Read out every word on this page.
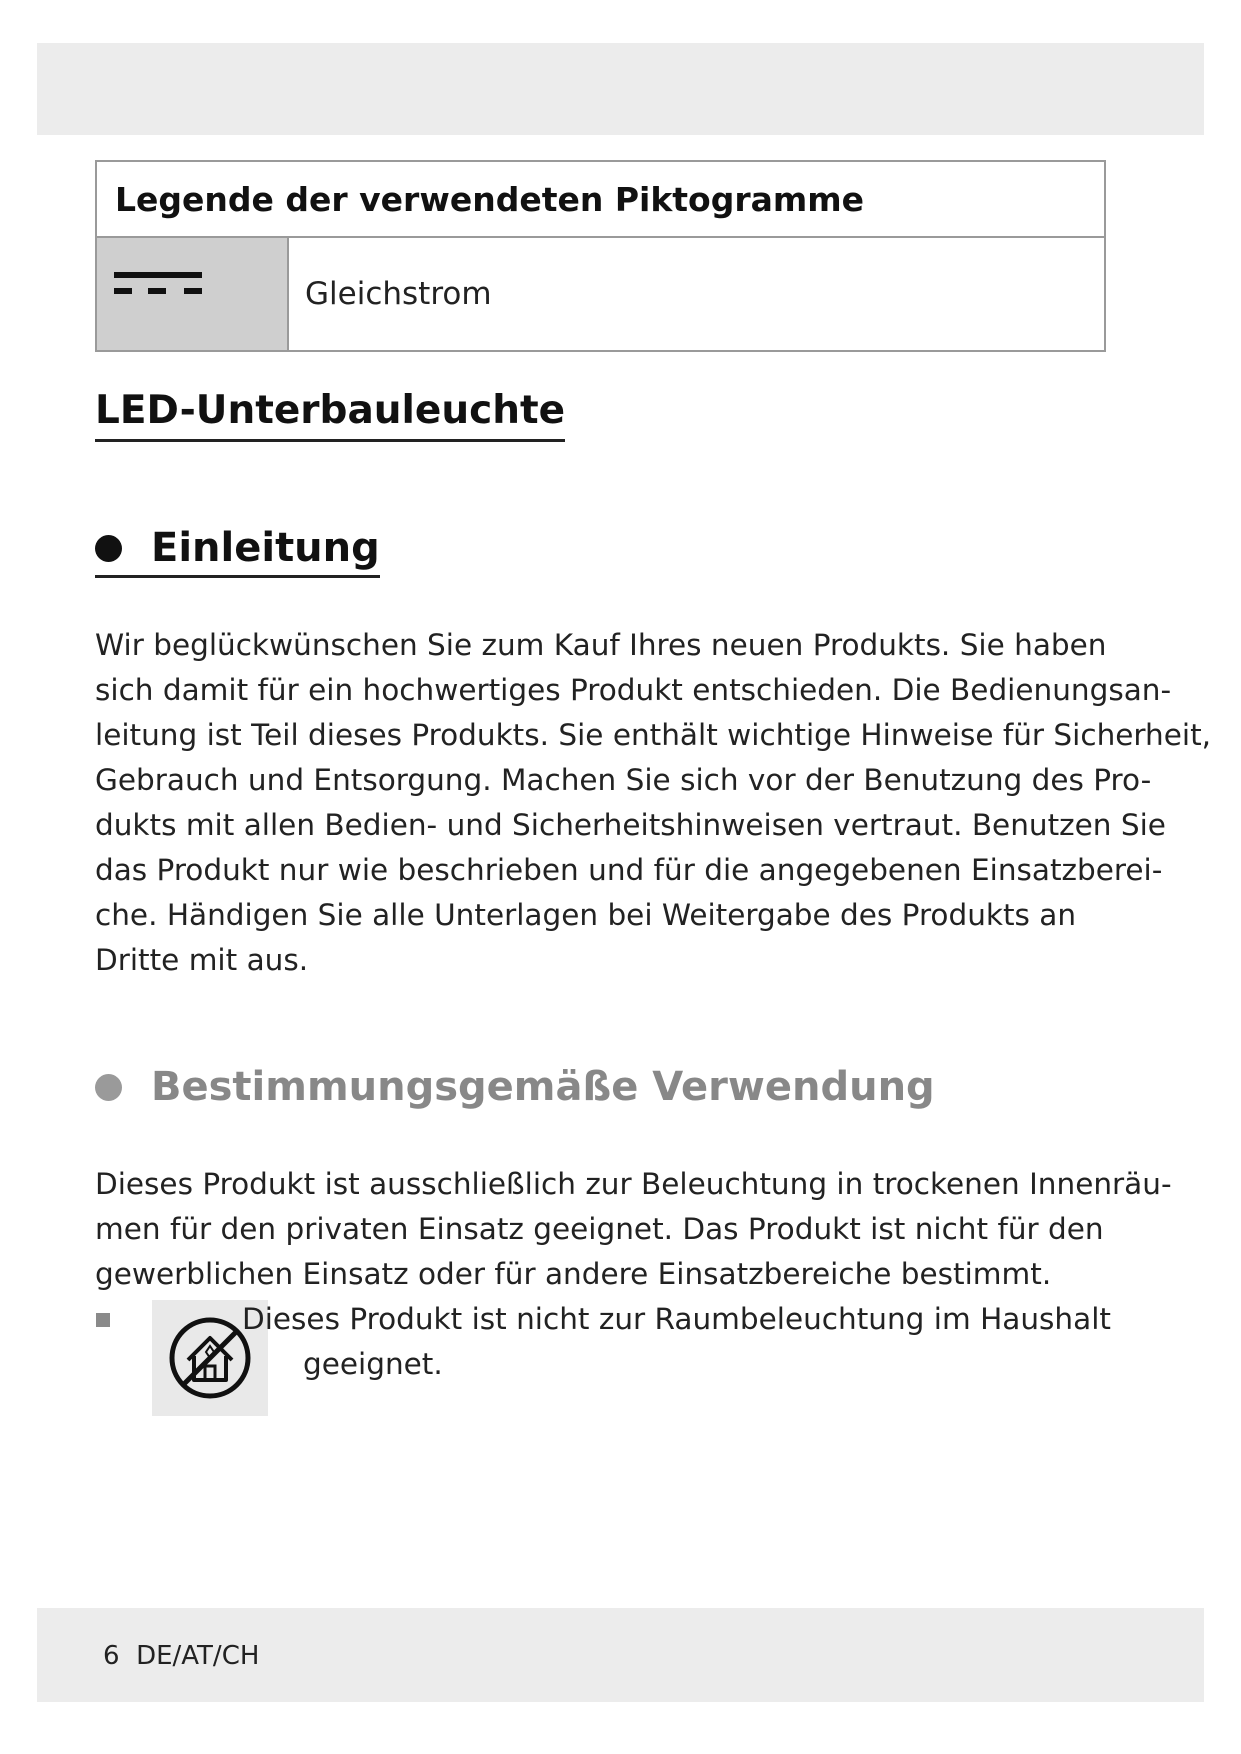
Legende der verwendeten Piktogramme
Gleichstrom
LED-Unterbauleuchte
Einleitung

Wir beglückwünschen Sie zum Kauf Ihres neuen Produkts. Sie haben
sich damit für ein hochwertiges Produkt entschieden. Die Bedienungsan-
leitung ist Teil dieses Produkts. Sie enthält wichtige Hinweise für Sicherheit,
Gebrauch und Entsorgung. Machen Sie sich vor der Benutzung des Pro-
dukts mit allen Bedien- und Sicherheitshinweisen vertraut. Benutzen Sie
das Produkt nur wie beschrieben und für die angegebenen Einsatzberei-
che. Händigen Sie alle Unterlagen bei Weitergabe des Produkts an
Dritte mit aus.

Bestimmungsgemäße Verwendung

Dieses Produkt ist ausschließlich zur Beleuchtung in trockenen Innenräu-
men für den privaten Einsatz geeignet. Das Produkt ist nicht für den
gewerblichen Einsatz oder für andere Einsatzbereiche bestimmt.

Dieses Produkt ist nicht zur Raumbeleuchtung im Haushalt
geeignet.
6 DE/AT/CH
